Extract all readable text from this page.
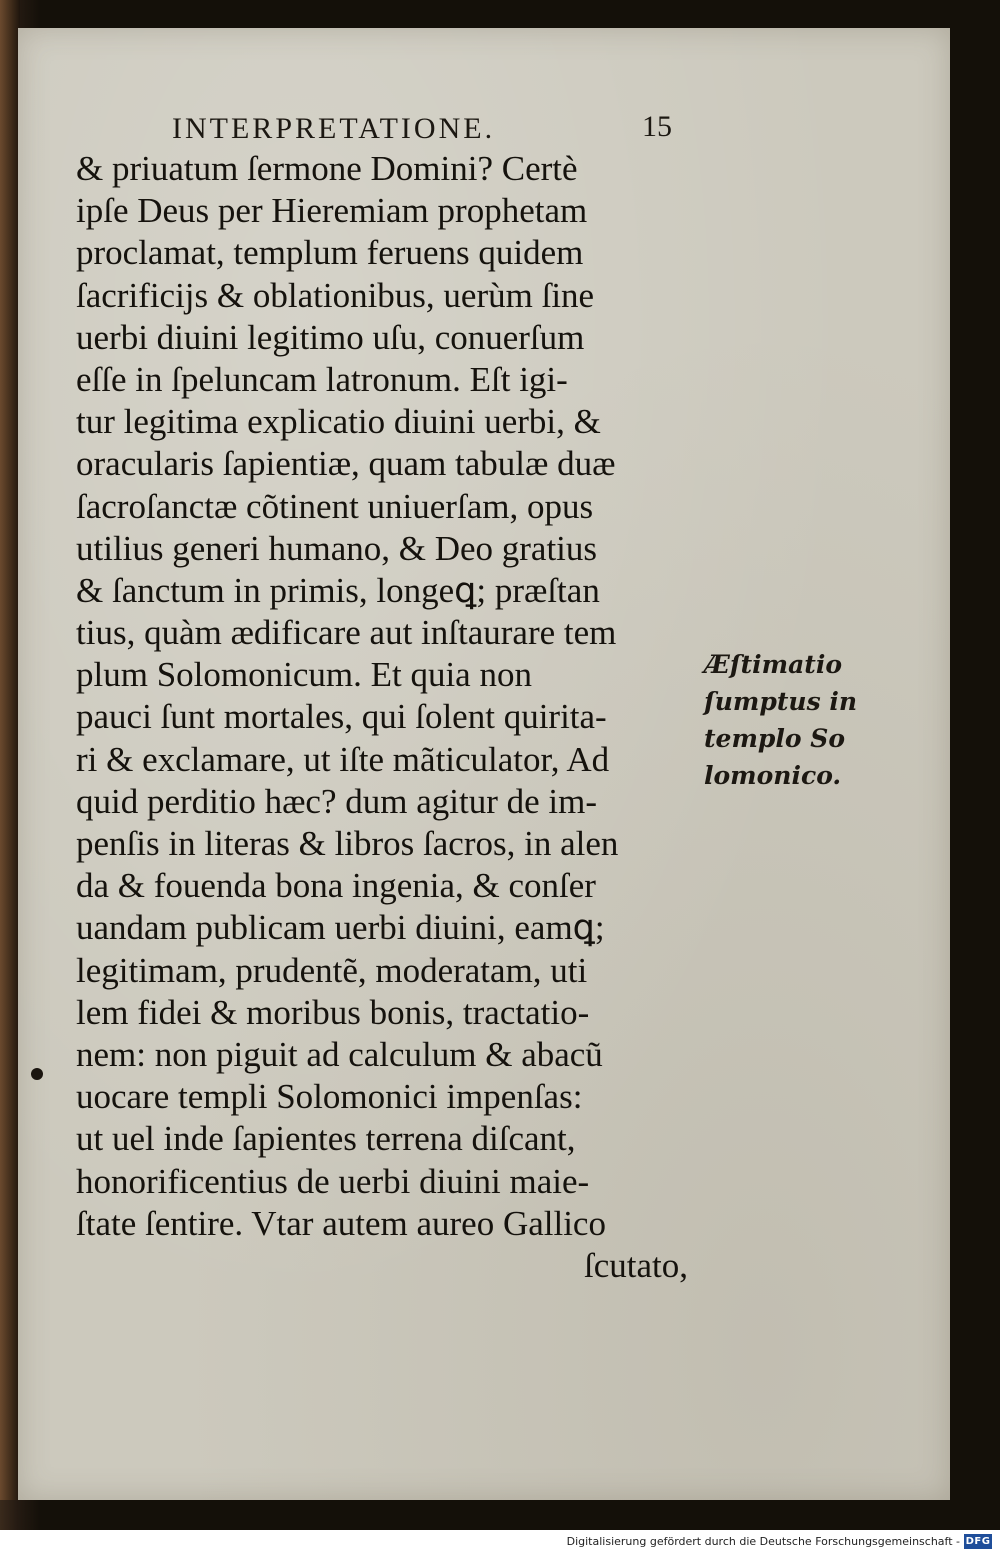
INTERPRETATIONE.	15
& priuatum ſermone Domini? Certè
ipſe Deus per Hieremiam prophetam
proclamat, templum feruens quidem
ſacrificijs & oblationibus, uerùm ſine
uerbi diuini legitimo uſu, conuerſum
eſſe in ſpeluncam latronum. Eſt igi-
tur legitima explicatio diuini uerbi, &
oracularis ſapientiæ, quam tabulæ duæ
ſacroſanctæ cõtinent uniuerſam, opus
utilius generi humano, & Deo gratius
& ſanctum in primis, longeꝗ; præſtan
tius, quàm ædificare aut inſtaurare tem
plum Solomonicum. Et quia non
pauci ſunt mortales, qui ſolent quirita-
ri & exclamare, ut iſte mãticulator, Ad
quid perditio hæc? dum agitur de im-
penſis in literas & libros ſacros, in alen
da & fouenda bona ingenia, & conſer
uandam publicam uerbi diuini, eamꝗ;
legitimam, prudentẽ, moderatam, uti
lem fidei & moribus bonis, tractatio-
nem: non piguit ad calculum & abacũ
uocare templi Solomonici impenſas:
ut uel inde ſapientes terrena diſcant,
honorificentius de uerbi diuini maie-
ſtate ſentire. Vtar autem aureo Gallico
ſcutato,
Æſtimatio
ſumptus in
templo So
lomonico.
Digitalisierung gefördert durch die Deutsche Forschungsgemeinschaft - DFG
